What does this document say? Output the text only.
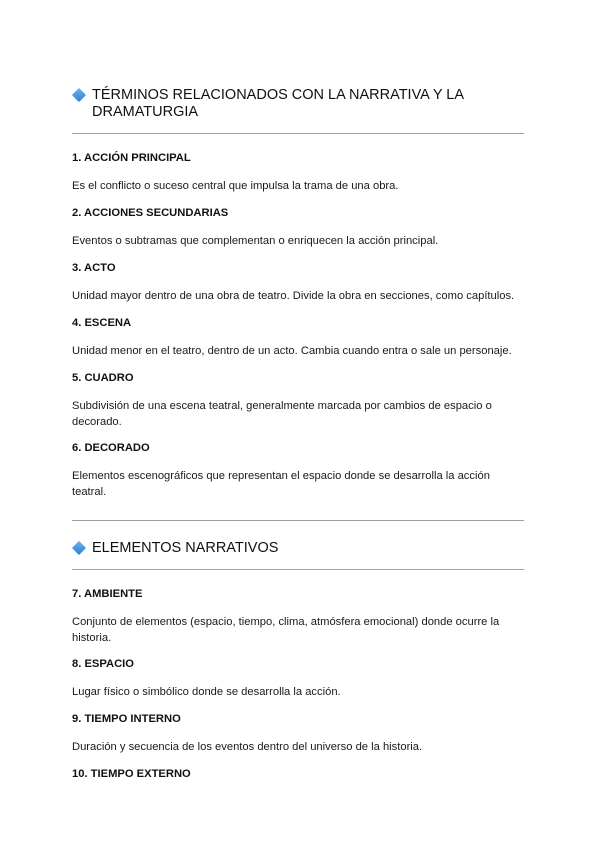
TÉRMINOS RELACIONADOS CON LA NARRATIVA Y LA DRAMATURGIA

1. ACCIÓN PRINCIPAL

Es el conflicto o suceso central que impulsa la trama de una obra.

2. ACCIONES SECUNDARIAS

Eventos o subtramas que complementan o enriquecen la acción principal.

3. ACTO

Unidad mayor dentro de una obra de teatro. Divide la obra en secciones, como capítulos.

4. ESCENA

Unidad menor en el teatro, dentro de un acto. Cambia cuando entra o sale un personaje.

5. CUADRO

Subdivisión de una escena teatral, generalmente marcada por cambios de espacio o decorado.

6. DECORADO

Elementos escenográficos que representan el espacio donde se desarrolla la acción teatral.

ELEMENTOS NARRATIVOS

7. AMBIENTE

Conjunto de elementos (espacio, tiempo, clima, atmósfera emocional) donde ocurre la historia.

8. ESPACIO

Lugar físico o simbólico donde se desarrolla la acción.

9. TIEMPO INTERNO

Duración y secuencia de los eventos dentro del universo de la historia.

10. TIEMPO EXTERNO
